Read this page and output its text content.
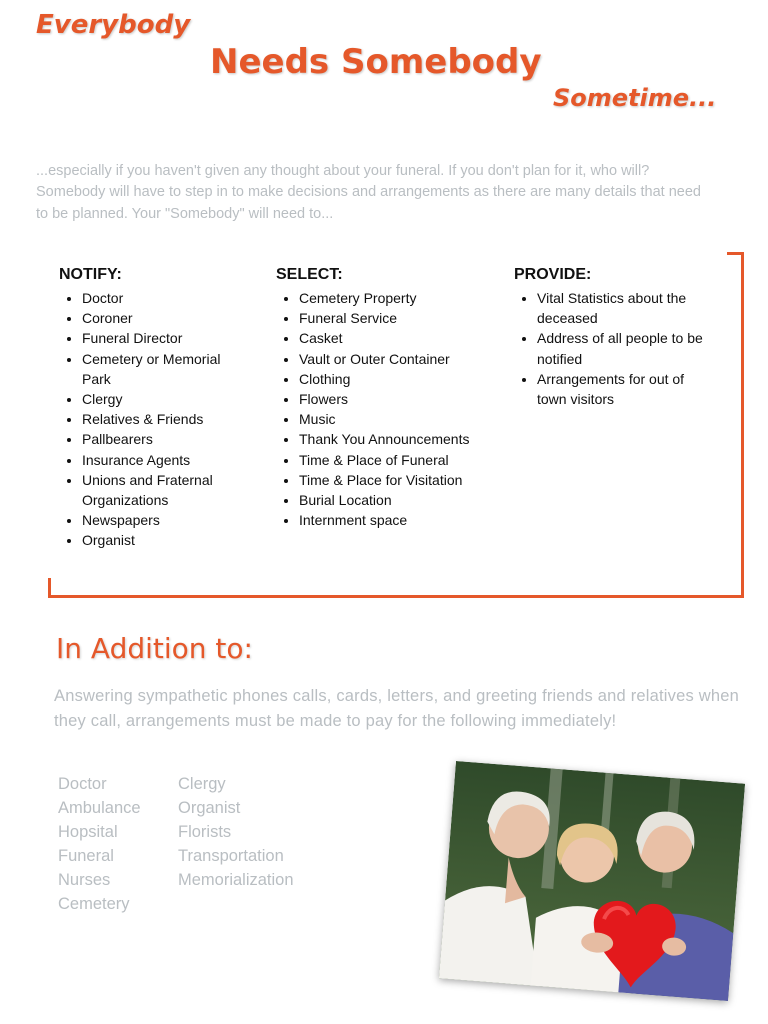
Everybody
Needs Somebody
Sometime...

...especially if you haven't given any thought about your funeral. If you don't plan for it, who will? Somebody will have to step in to make decisions and arrangements as there are many details that need to be planned. Your "Somebody" will need to...

NOTIFY:
• Doctor
• Coroner
• Funeral Director
• Cemetery or Memorial Park
• Clergy
• Relatives & Friends
• Pallbearers
• Insurance Agents
• Unions and Fraternal Organizations
• Newspapers
• Organist
SELECT:
• Cemetery Property
• Funeral Service
• Casket
• Vault or Outer Container
• Clothing
• Flowers
• Music
• Thank You Announcements
• Time & Place of Funeral
• Time & Place for Visitation
• Burial Location
• Internment space
PROVIDE:
• Vital Statistics about the deceased
• Address of all people to be notified
• Arrangements for out of town visitors
In Addition to:

Answering sympathetic phones calls, cards, letters, and greeting friends and relatives when they call, arrangements must be made to pay for the following immediately!

Doctor
Ambulance
Hopsital
Funeral
Nurses
Cemetery
Clergy
Organist
Florists
Transportation
Memorialization
